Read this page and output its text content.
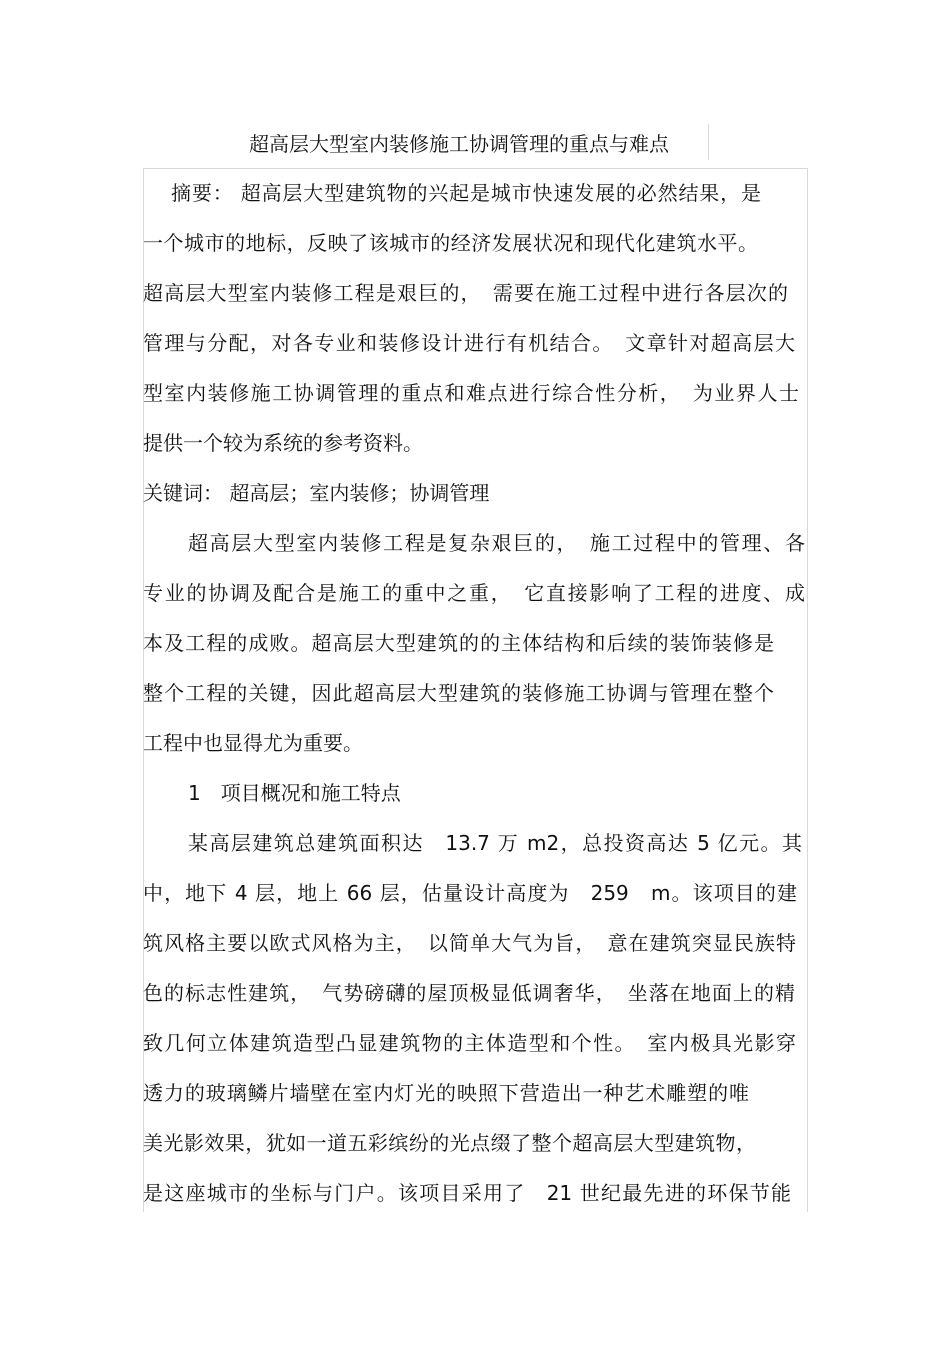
超高层大型室内装修施工协调管理的重点与难点
摘要： 超高层大型建筑物的兴起是城市快速发展的必然结果，是
一个城市的地标，反映了该城市的经济发展状况和现代化建筑水平。
超高层大型室内装修工程是艰巨的，　需要在施工过程中进行各层次的
管理与分配，对各专业和装修设计进行有机结合。　文章针对超高层大
型室内装修施工协调管理的重点和难点进行综合性分析，　为业界人士
提供一个较为系统的参考资料。
关键词： 超高层；室内装修；协调管理
超高层大型室内装修工程是复杂艰巨的，　施工过程中的管理、各
专业的协调及配合是施工的重中之重，　它直接影响了工程的进度、成
本及工程的成败。超高层大型建筑的的主体结构和后续的装饰装修是
整个工程的关键，因此超高层大型建筑的装修施工协调与管理在整个
工程中也显得尤为重要。
1　项目概况和施工特点
某高层建筑总建筑面积达　13.7 万 m2，总投资高达 5 亿元。其
中，地下 4 层，地上 66 层，估量设计高度为　259　m。该项目的建
筑风格主要以欧式风格为主，　以简单大气为旨，　意在建筑突显民族特
色的标志性建筑，　气势磅礴的屋顶极显低调奢华，　坐落在地面上的精
致几何立体建筑造型凸显建筑物的主体造型和个性。　室内极具光影穿
透力的玻璃鳞片墙壁在室内灯光的映照下营造出一种艺术雕塑的唯
美光影效果，犹如一道五彩缤纷的光点缀了整个超高层大型建筑物，
是这座城市的坐标与门户。该项目采用了　21 世纪最先进的环保节能
